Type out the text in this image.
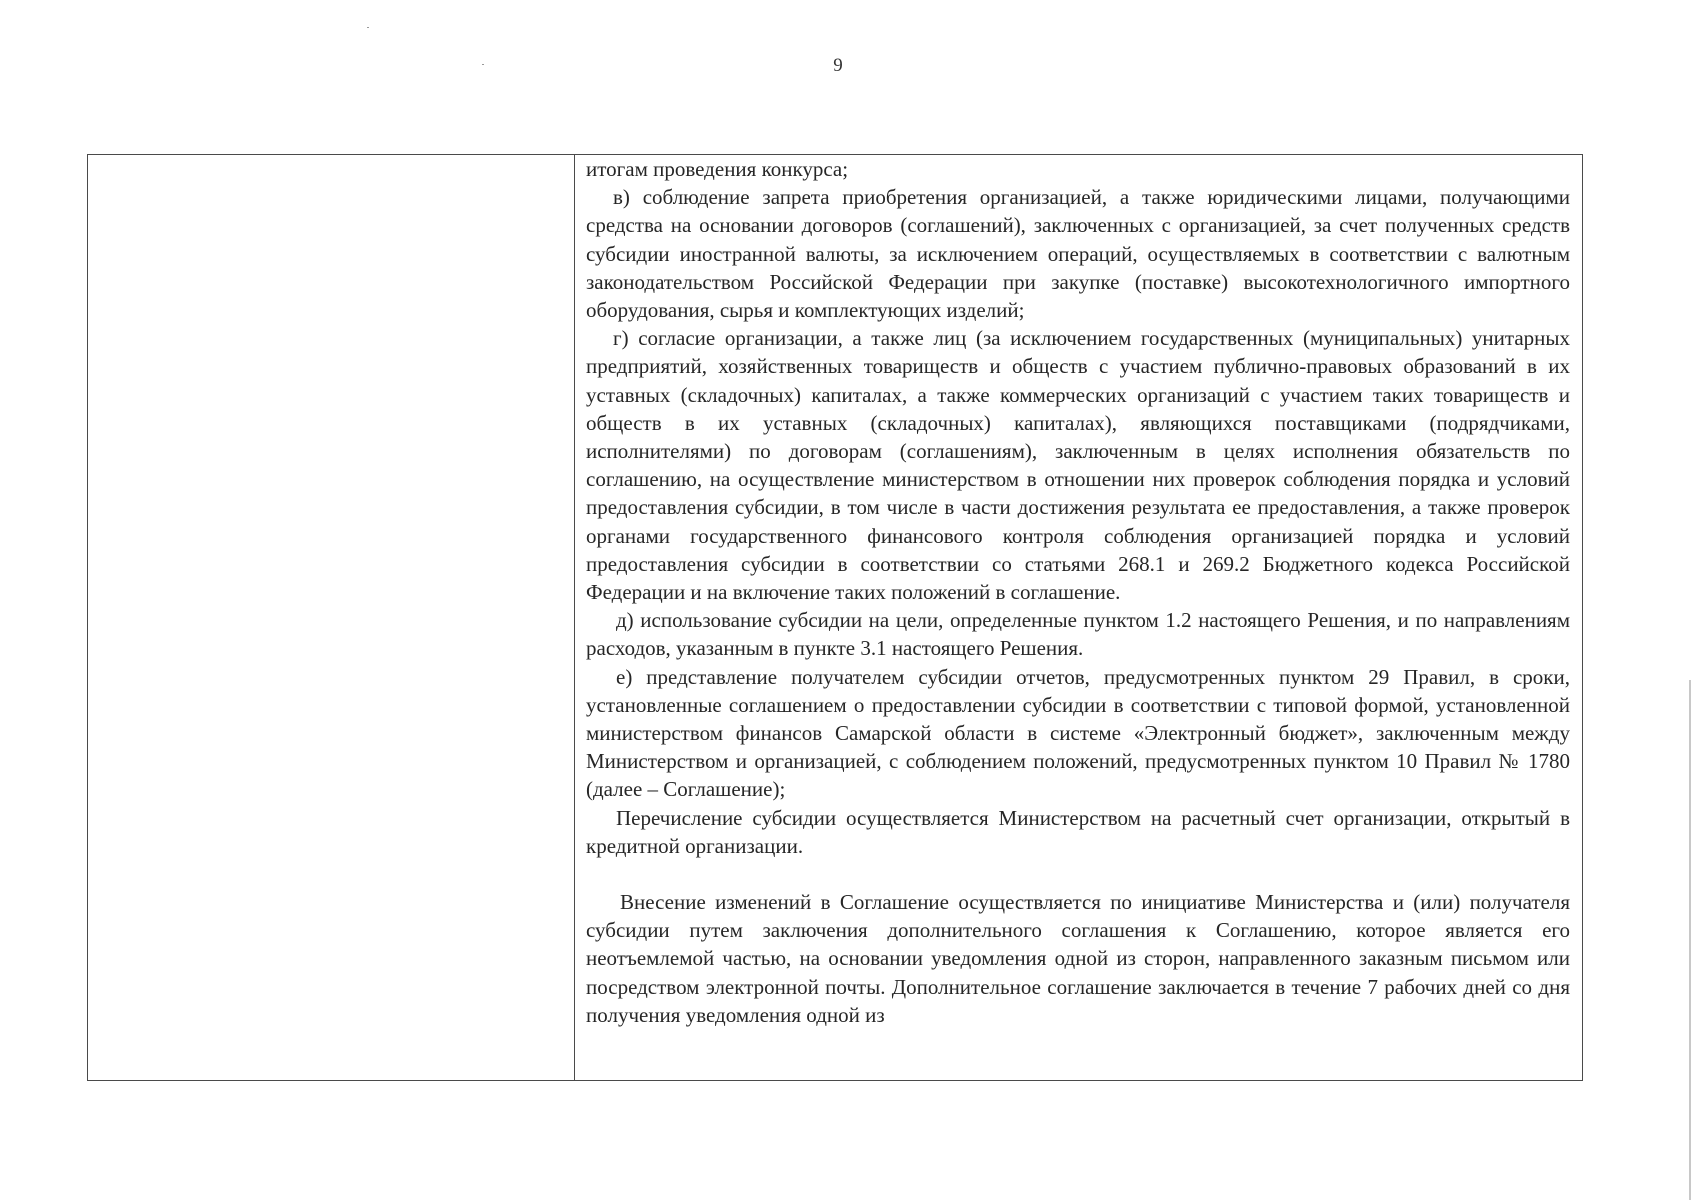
9

итогам проведения конкурса;

в) соблюдение запрета приобретения организацией, а также юридическими лицами, получающими средства на основании договоров (соглашений), заключенных с организацией, за счет полученных средств субсидии иностранной валюты, за исключением операций, осуществляемых в соответствии с валютным законодательством Российской Федерации при закупке (поставке) высокотехнологичного импортного оборудования, сырья и комплектующих изделий;

г) согласие организации, а также лиц (за исключением государственных (муниципальных) унитарных предприятий, хозяйственных товариществ и обществ с участием публично-правовых образований в их уставных (складочных) капиталах, а также коммерческих организаций с участием таких товариществ и обществ в их уставных (складочных) капиталах), являющихся поставщиками (подрядчиками, исполнителями) по договорам (соглашениям), заключенным в целях исполнения обязательств по соглашению, на осуществление министерством в отношении них проверок соблюдения порядка и условий предоставления субсидии, в том числе в части достижения результата ее предоставления, а также проверок органами государственного финансового контроля соблюдения организацией порядка и условий предоставления субсидии в соответствии со статьями 268.1 и 269.2 Бюджетного кодекса Российской Федерации и на включение таких положений в соглашение.

д) использование субсидии на цели, определенные пунктом 1.2 настоящего Решения, и по направлениям расходов, указанным в пункте 3.1 настоящего Решения.

е) представление получателем субсидии отчетов, предусмотренных пунктом 29 Правил, в сроки, установленные соглашением о предоставлении субсидии в соответствии с типовой формой, установленной министерством финансов Самарской области в системе «Электронный бюджет», заключенным между Министерством и организацией, с соблюдением положений, предусмотренных пунктом 10 Правил № 1780 (далее – Соглашение);

Перечисление субсидии осуществляется Министерством на расчетный счет организации, открытый в кредитной организации.

Внесение изменений в Соглашение осуществляется по инициативе Министерства и (или) получателя субсидии путем заключения дополнительного соглашения к Соглашению, которое является его неотъемлемой частью, на основании уведомления одной из сторон, направленного заказным письмом или посредством электронной почты. Дополнительное соглашение заключается в течение 7 рабочих дней со дня получения уведомления одной из
